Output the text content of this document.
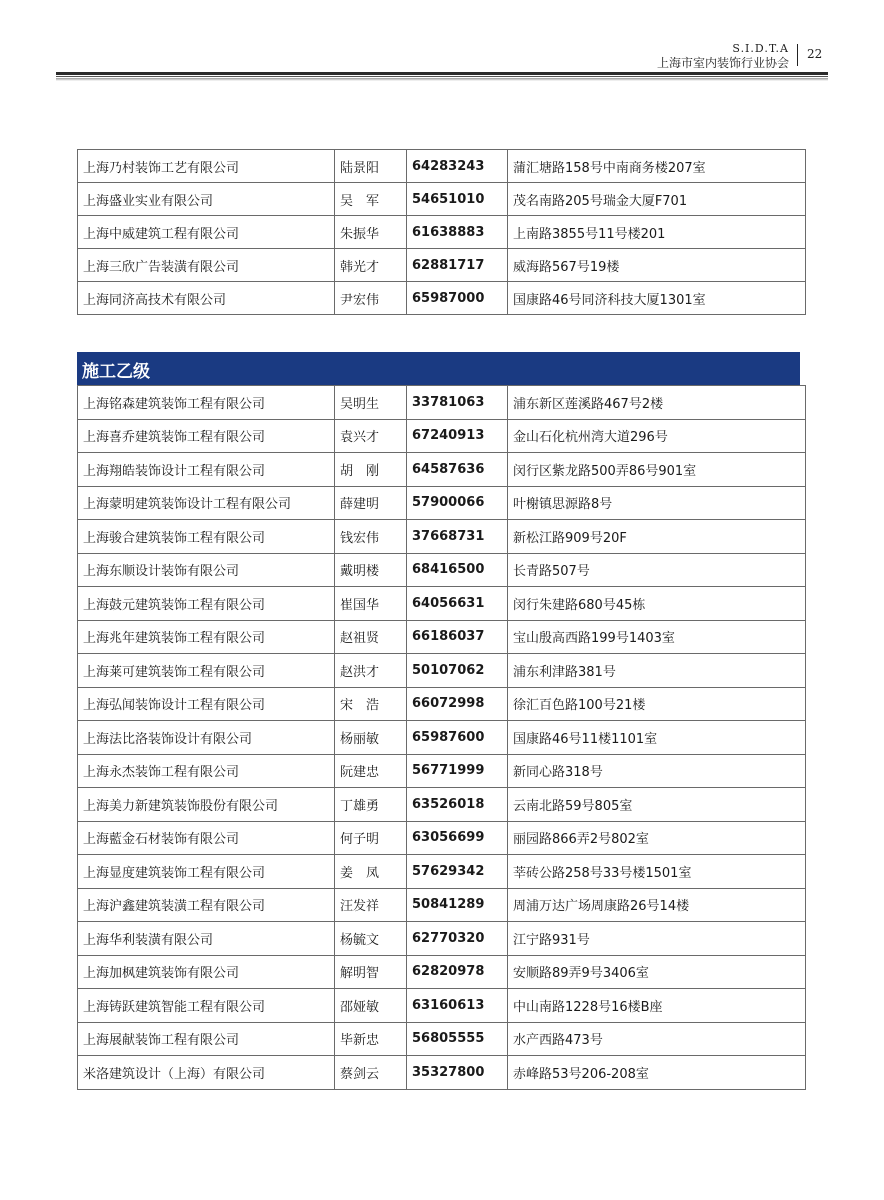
S.I.D.T.A
上海市室内装饰行业协会
22
上海乃村装饰工艺有限公司	陆景阳	64283243	蒲汇塘路158号中南商务楼207室
上海盛业实业有限公司	吴　军	54651010	茂名南路205号瑞金大厦F701
上海中威建筑工程有限公司	朱振华	61638883	上南路3855号11号楼201
上海三欣广告装潢有限公司	韩光才	62881717	威海路567号19楼
上海同济高技术有限公司	尹宏伟	65987000	国康路46号同济科技大厦1301室
施工乙级
上海铭森建筑装饰工程有限公司	吴明生	33781063	浦东新区莲溪路467号2楼
上海喜乔建筑装饰工程有限公司	袁兴才	67240913	金山石化杭州湾大道296号
上海翔皓装饰设计工程有限公司	胡　刚	64587636	闵行区紫龙路500弄86号901室
上海蒙明建筑装饰设计工程有限公司	薛建明	57900066	叶榭镇思源路8号
上海骏合建筑装饰工程有限公司	钱宏伟	37668731	新松江路909号20F
上海东顺设计装饰有限公司	戴明楼	68416500	长青路507号
上海鼓元建筑装饰工程有限公司	崔国华	64056631	闵行朱建路680号45栋
上海兆年建筑装饰工程有限公司	赵祖贤	66186037	宝山殷高西路199号1403室
上海莱可建筑装饰工程有限公司	赵洪才	50107062	浦东利津路381号
上海弘闻装饰设计工程有限公司	宋　浩	66072998	徐汇百色路100号21楼
上海法比洛装饰设计有限公司	杨丽敏	65987600	国康路46号11楼1101室
上海永杰装饰工程有限公司	阮建忠	56771999	新同心路318号
上海美力新建筑装饰股份有限公司	丁雄勇	63526018	云南北路59号805室
上海藍金石材装饰有限公司	何子明	63056699	丽园路866弄2号802室
上海显度建筑装饰工程有限公司	姜　凤	57629342	莘砖公路258号33号楼1501室
上海沪鑫建筑装潢工程有限公司	汪发祥	50841289	周浦万达广场周康路26号14楼
上海华利装潢有限公司	杨毓文	62770320	江宁路931号
上海加枫建筑装饰有限公司	解明智	62820978	安顺路89弄9号3406室
上海铸跃建筑智能工程有限公司	邵娅敏	63160613	中山南路1228号16楼B座
上海展献装饰工程有限公司	毕新忠	56805555	水产西路473号
米洛建筑设计（上海）有限公司	蔡剑云	35327800	赤峰路53号206-208室
